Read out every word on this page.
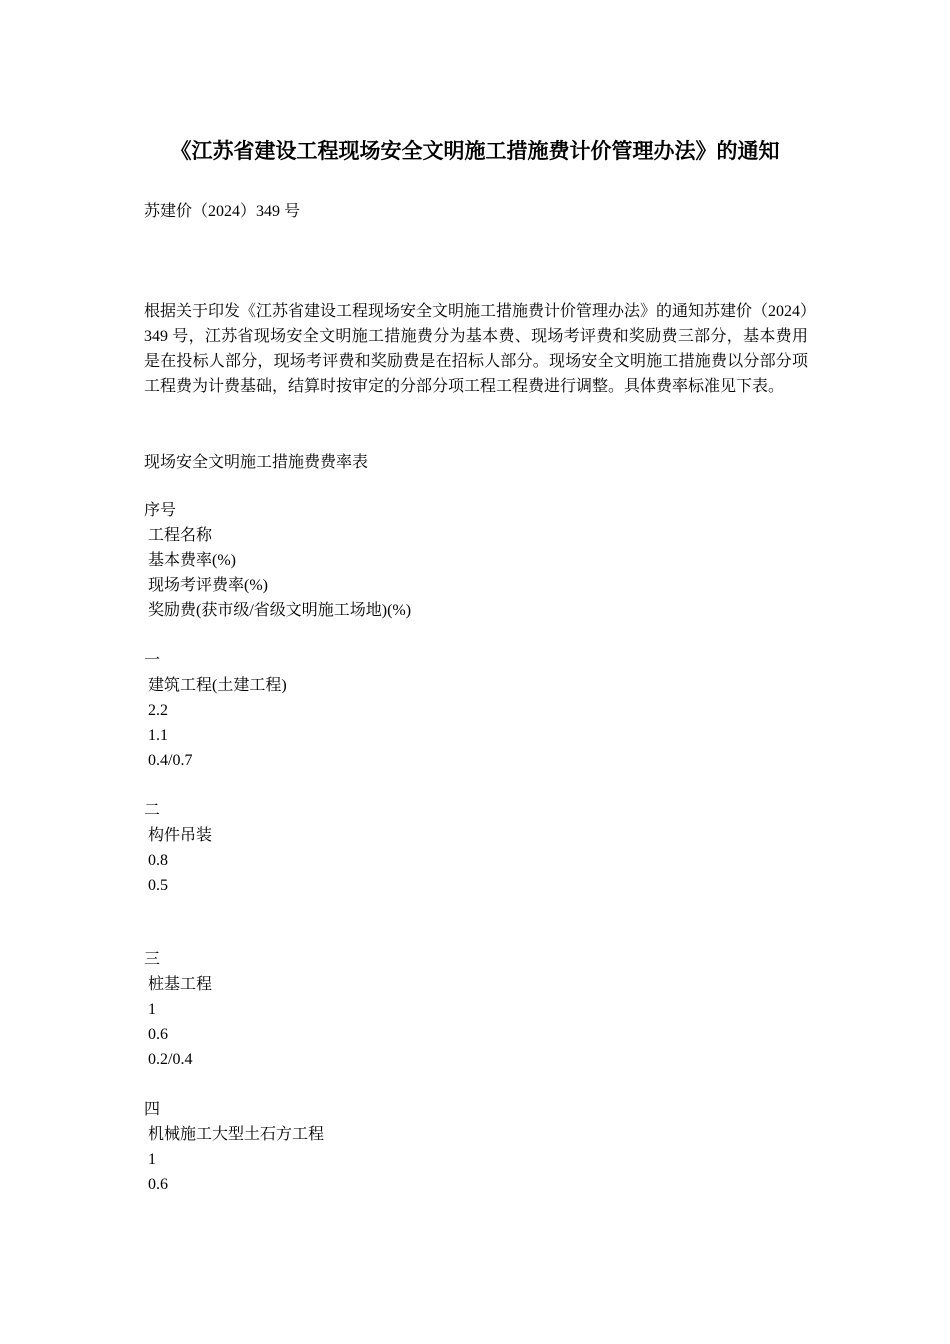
《江苏省建设工程现场安全文明施工措施费计价管理办法》的通知
苏建价（2024）349 号
根据关于印发《江苏省建设工程现场安全文明施工措施费计价管理办法》的通知苏建价（2024）349 号，江苏省现场安全文明施工措施费分为基本费、现场考评费和奖励费三部分，基本费用是在投标人部分，现场考评费和奖励费是在招标人部分。现场安全文明施工措施费以分部分项工程费为计费基础，结算时按审定的分部分项工程工程费进行调整。具体费率标准见下表。
现场安全文明施工措施费费率表
序号
工程名称
基本费率(%)
现场考评费率(%)
奖励费(获市级/省级文明施工场地)(%)
一
建筑工程(土建工程)
2.2
1.1
0.4/0.7
二
构件吊装
0.8
0.5
三
桩基工程
1
0.6
0.2/0.4
四
机械施工大型土石方工程
1
0.6
